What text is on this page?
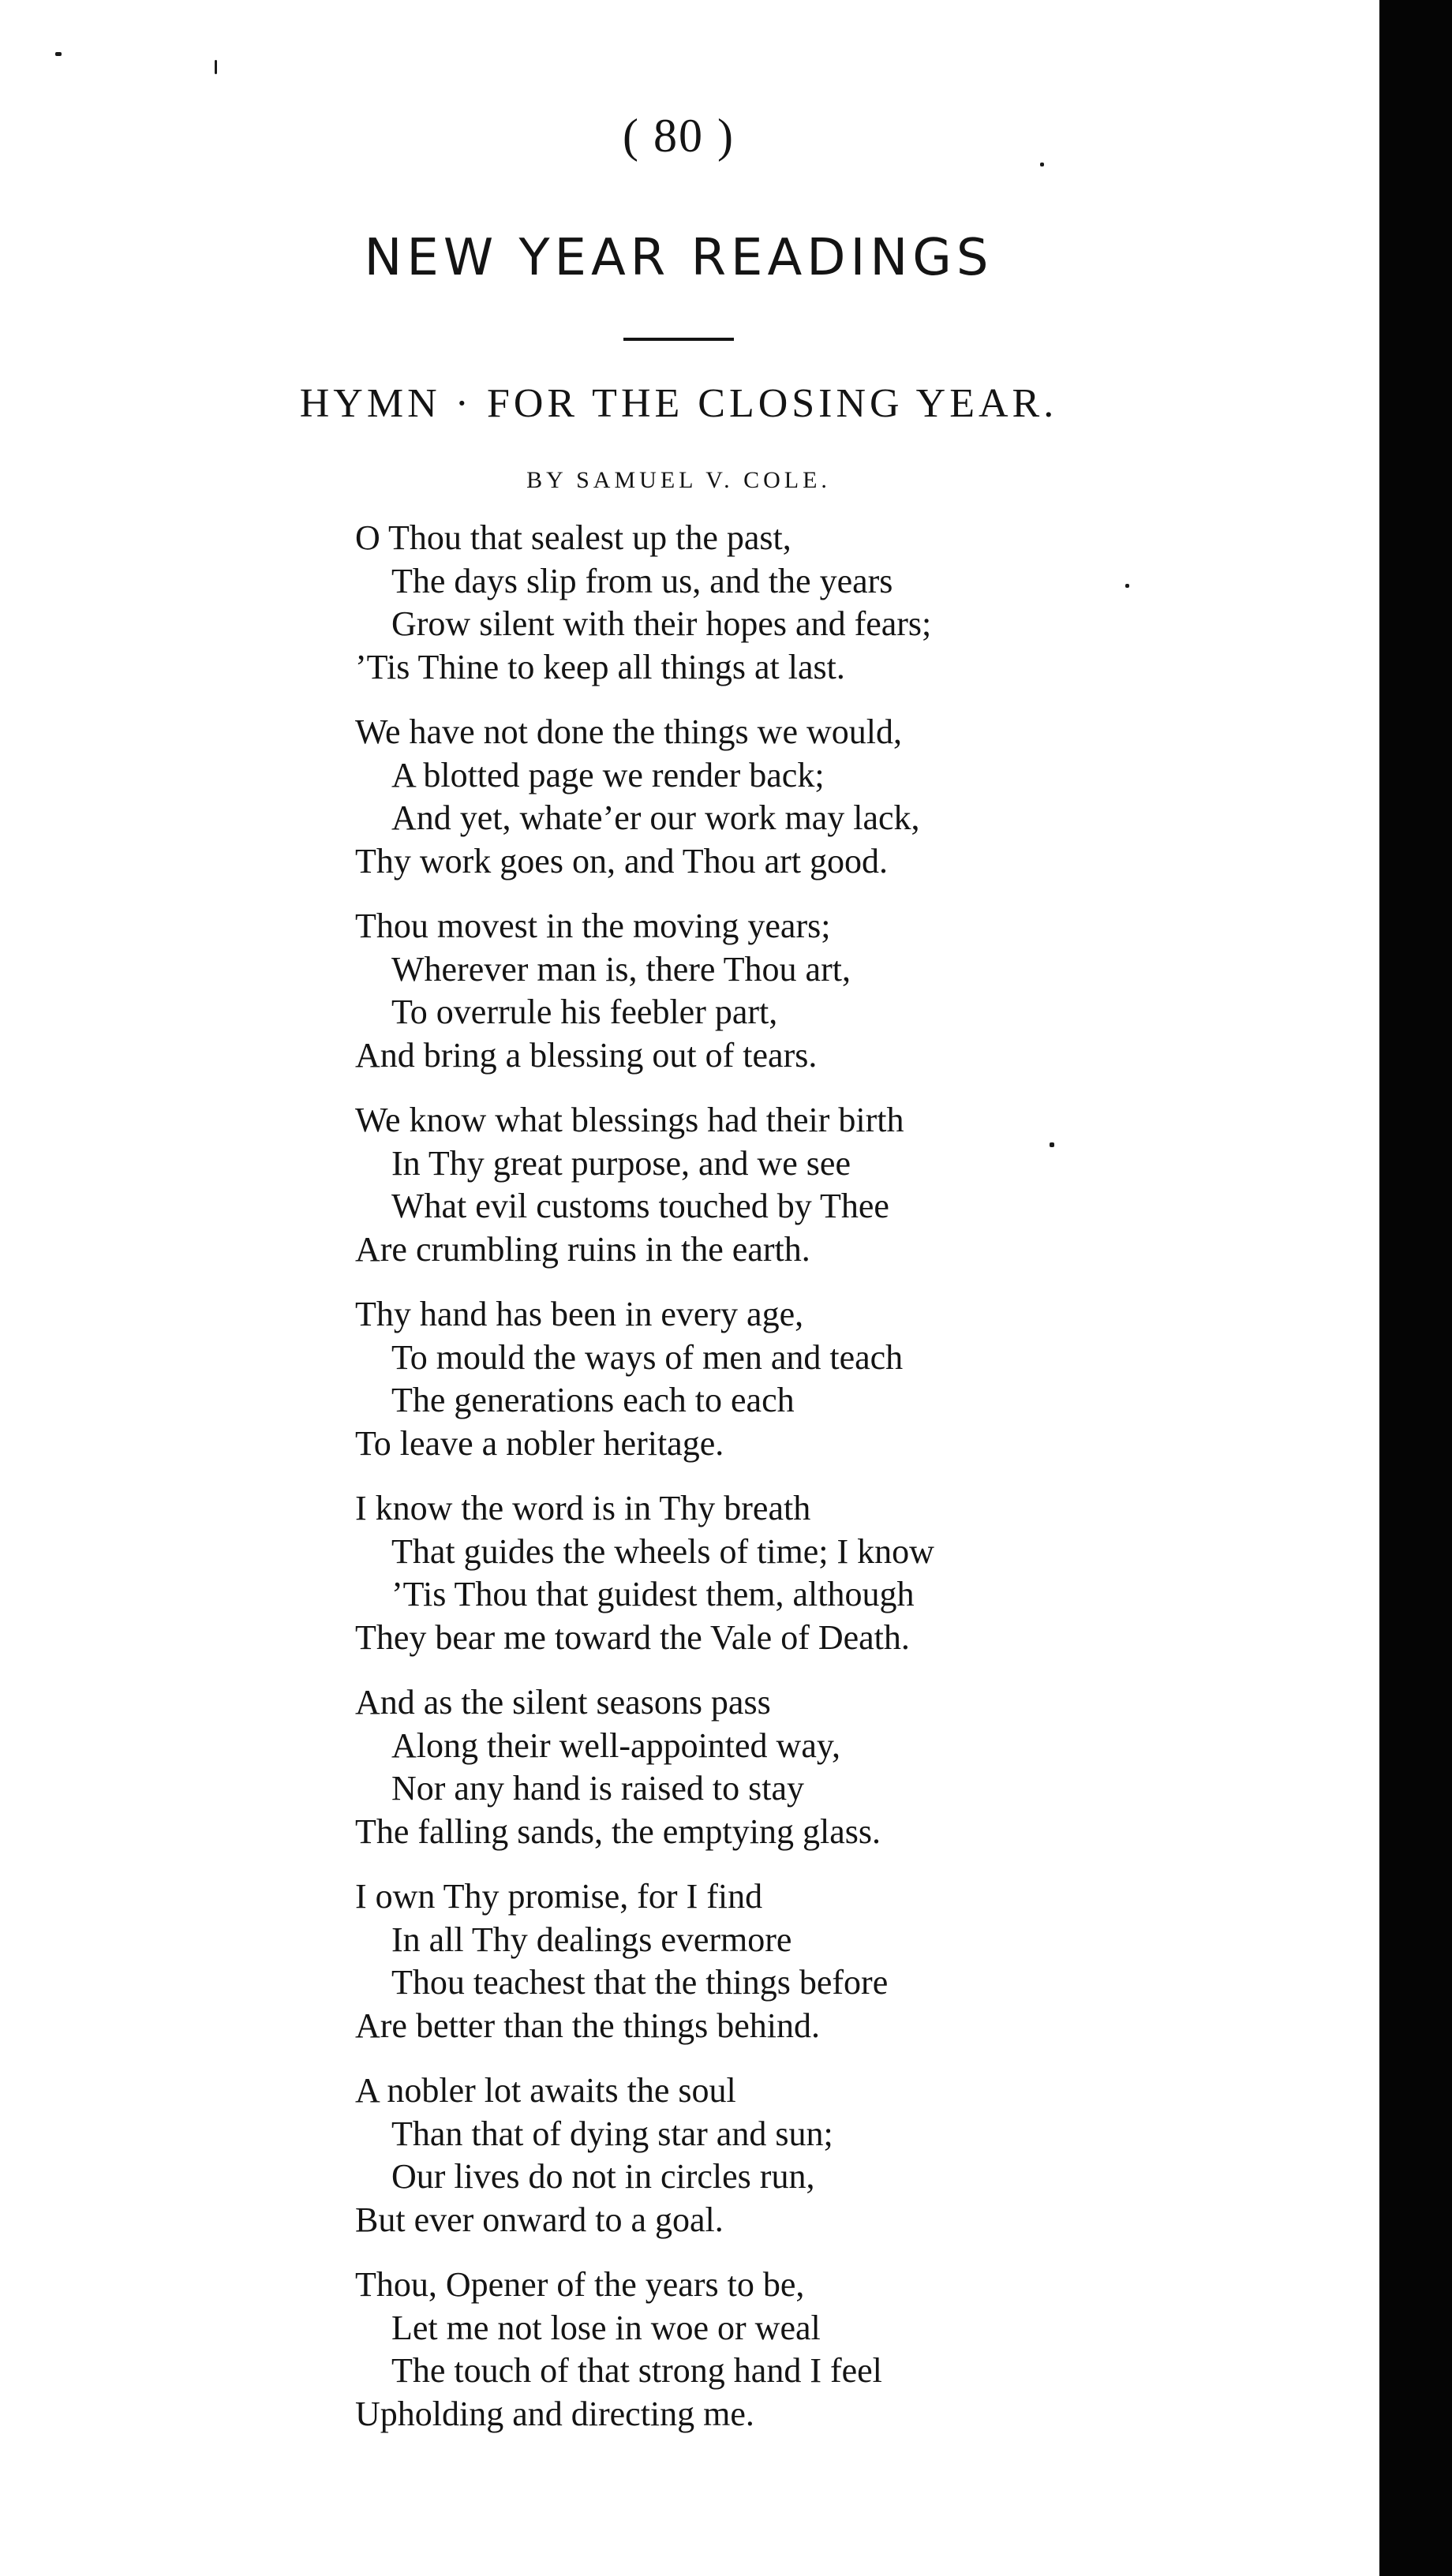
( 80 )
NEW YEAR READINGS
HYMN · FOR THE CLOSING YEAR.
BY SAMUEL V. COLE.
O Thou that sealest up the past,
The days slip from us, and the years
Grow silent with their hopes and fears;
’Tis Thine to keep all things at last.
We have not done the things we would,
A blotted page we render back;
And yet, whate’er our work may lack,
Thy work goes on, and Thou art good.
Thou movest in the moving years;
Wherever man is, there Thou art,
To overrule his feebler part,
And bring a blessing out of tears.
We know what blessings had their birth
In Thy great purpose, and we see
What evil customs touched by Thee
Are crumbling ruins in the earth.
Thy hand has been in every age,
To mould the ways of men and teach
The generations each to each
To leave a nobler heritage.
I know the word is in Thy breath
That guides the wheels of time; I know
’Tis Thou that guidest them, although
They bear me toward the Vale of Death.
And as the silent seasons pass
Along their well-appointed way,
Nor any hand is raised to stay
The falling sands, the emptying glass.
I own Thy promise, for I find
In all Thy dealings evermore
Thou teachest that the things before
Are better than the things behind.
A nobler lot awaits the soul
Than that of dying star and sun;
Our lives do not in circles run,
But ever onward to a goal.
Thou, Opener of the years to be,
Let me not lose in woe or weal
The touch of that strong hand I feel
Upholding and directing me.
